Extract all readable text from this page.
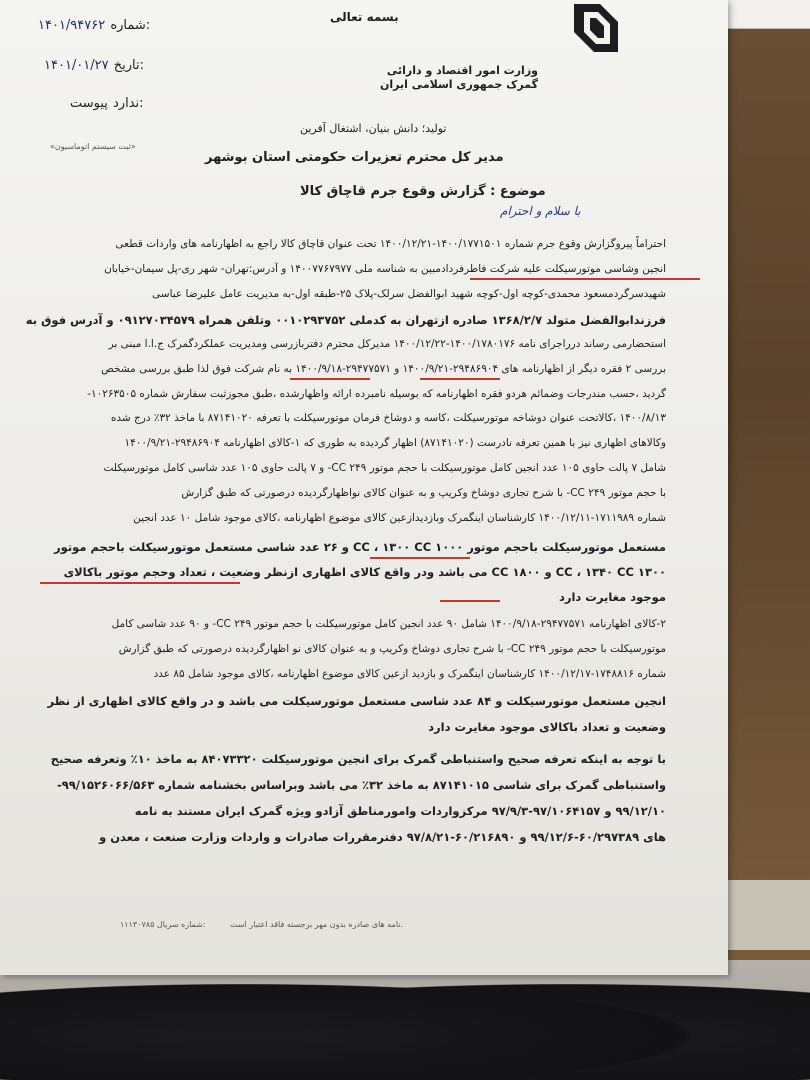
وزارت امور اقتصاد و دارائی
گمرک جمهوری اسلامی ایران
بسمه تعالی
۱۴۰۱/۹۴۷۶۲ شماره:
۱۴۰۱/۰۱/۲۷ تاریخ:
ندارد پیوست:
«ثبت سیستم اتوماسیون»
تولید؛ دانش بنیان، اشتغال آفرین
مدیر کل محترم تعزیرات حکومتی استان بوشهر
موضوع : گزارش وقوع جرم قاچاق کالا
با سلام و احترام
احتراماً پیروگزارش وقوع جرم شماره ۱۴۰۰/۱۷۷۱۵۰۱-۱۴۰۰/۱۲/۲۱ تحت عنوان قاچاق کالا راجع به اظهارنامه های واردات قطعی
انجین وشاسی موتورسیکلت علیه شرکت فاطرفردادمبین به شناسه ملی ۱۴۰۰۷۷۶۷۹۷۷ و آدرس:تهران- شهر ری-پل سیمان-خیابان
شهیدسرگردمسعود محمدی-کوچه اول-کوچه شهید ابوالفضل سرلک-پلاک ۲۵-طبقه اول-به مدیریت عامل علیرضا عباسی
فرزندابوالفضل متولد ۱۳۶۸/۲/۷ صادره ازتهران به کدملی ۰۰۱۰۲۹۳۷۵۲ وتلفن همراه ۰۹۱۲۷۰۳۴۵۷۹ و آدرس فوق به
استحضارمی رساند درراجرای نامه ۱۴۰۰/۱۷۸۰۱۷۶-۱۴۰۰/۱۲/۲۲ مدیرکل محترم دفتربازرسی ومدیریت عملکردگمرک ج.ا.ا مبنی بر
بررسی ۲ فقره دیگر از اظهارنامه های ۲۹۴۸۶۹۰۴-۱۴۰۰/۹/۲۱ و ۲۹۴۷۷۵۷۱-۱۴۰۰/۹/۱۸ به نام شرکت فوق لذا طبق بررسی مشخص
گردید ،حسب مندرجات وضمائم هردو فقره اظهارنامه که بوسیله نامبرده ارائه واظهارشده ،طبق مجوزثبت سفارش شماره ۱۰۲۶۳۵۰۵-
۱۴۰۰/۸/۱۳ ،کالاتحت عنوان دوشاخه موتورسیکلت ،کاسه و دوشاخ فرمان موتورسیکلت با تعرفه ۸۷۱۴۱۰۲۰ با ماخذ ۳۲٪ درج شده
وکالاهای اظهاری نیز با همین تعرفه نادرست (۸۷۱۴۱۰۲۰) اظهار گردیده به طوری که ۱-کالای اظهارنامه ۲۹۴۸۶۹۰۴-۱۴۰۰/۹/۲۱
شامل ۷ پالت حاوی ۱۰۵ عدد انجین کامل موتورسیکلت با حجم موتور ۲۴۹ CC- و ۷ پالت حاوی ۱۰۵ عدد شاسی کامل موتورسیکلت
با حجم موتور ۲۴۹ CC- با شرح تجاری دوشاخ وکریپ و به عنوان کالای نواظهارگردیده درصورتی که طبق گزارش
شماره ۱۷۱۱۹۸۹-۱۴۰۰/۱۲/۱۱ کارشناسان اینگمرک وبازدیدازعین کالای موضوع اظهارنامه ،کالای موجود شامل ۱۰ عدد انجین
مستعمل موتورسیکلت باحجم موتور ۱۰۰۰ CC ، ۱۳۰۰ CC و ۲۶ عدد شاسی مستعمل موتورسیکلت باحجم موتور
۱۳۰۰ CC ، ۱۳۴۰ CC و ۱۸۰۰ CC می باشد ودر واقع کالای اظهاری ازنظر وضعیت ، تعداد وحجم موتور باکالای
موجود مغایرت دارد
۲-کالای اظهارنامه ۲۹۴۷۷۵۷۱-۱۴۰۰/۹/۱۸ شامل ۹۰ عدد انجین کامل موتورسیکلت با حجم موتور ۲۴۹ CC- و ۹۰ عدد شاسی کامل
موتورسیکلت با حجم موتور ۲۴۹ CC- با شرح تجاری دوشاخ وکریپ و به عنوان کالای نو اظهارگردیده درصورتی که طبق گزارش
شماره ۱۷۴۸۸۱۶-۱۴۰۰/۱۲/۱۷ کارشناسان اینگمرک و بازدید ازعین کالای موضوع اظهارنامه ،کالای موجود شامل ۸۵ عدد
انجین مستعمل موتورسیکلت و ۸۴ عدد شاسی مستعمل موتورسیکلت می باشد و در واقع کالای اظهاری از نظر
وضعیت و تعداد باکالای موجود مغایرت دارد
با توجه به اینکه تعرفه صحیح واستنباطی گمرک برای انجین موتورسیکلت ۸۴۰۷۳۳۲۰ به ماخذ ۱۰٪ وتعرفه صحیح
واستنباطی گمرک برای شاسی ۸۷۱۴۱۰۱۵ به ماخذ ۳۲٪ می باشد وبراساس بخشنامه شماره ۹۹/۱۵۲۶۰۶۶/۵۶۳-
۹۹/۱۲/۱۰ و ۹۷/۱۰۶۴۱۵۷-۹۷/۹/۳ مرکزواردات وامورمناطق آزادو ویژه گمرک ایران مستند به نامه
های ۶۰/۲۹۷۳۸۹-۹۹/۱۲/۶ و ۶۰/۲۱۶۸۹۰-۹۷/۸/۲۱ دفترمقررات صادرات و واردات وزارت صنعت ، معدن و
نامه های صادره بدون مهر برجسته فاقد اعتبار است.
۱۱۱۳۰۷۸۵ شماره سریال:
